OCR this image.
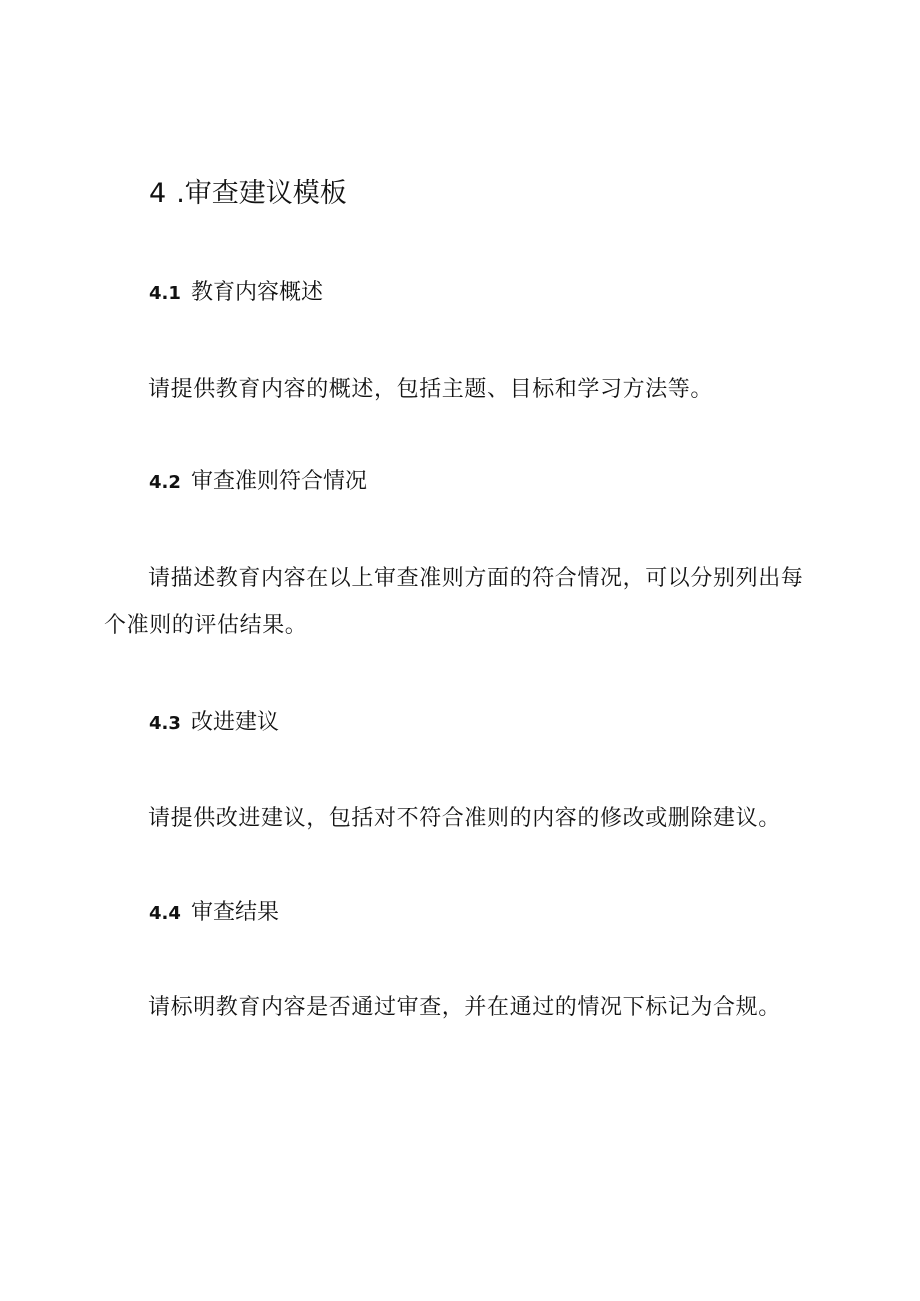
4 .审查建议模板
4.1 教育内容概述

请提供教育内容的概述，包括主题、目标和学习方法等。

4.2 审查准则符合情况

请描述教育内容在以上审查准则方面的符合情况，可以分别列出每个准则的评估结果。

4.3 改进建议

请提供改进建议，包括对不符合准则的内容的修改或删除建议。

4.4 审查结果

请标明教育内容是否通过审查，并在通过的情况下标记为合规。
